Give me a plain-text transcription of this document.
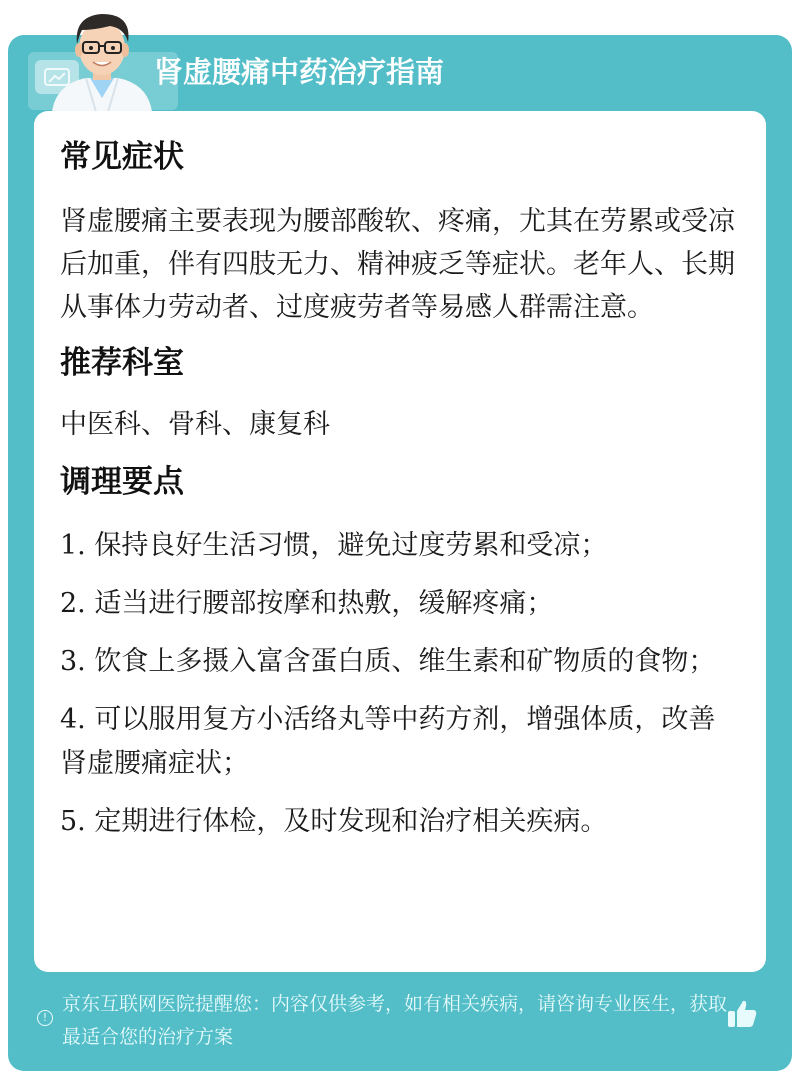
肾虚腰痛中药治疗指南
常见症状
肾虚腰痛主要表现为腰部酸软、疼痛，尤其在劳累或受凉后加重，伴有四肢无力、精神疲乏等症状。老年人、长期从事体力劳动者、过度疲劳者等易感人群需注意。
推荐科室
中医科、骨科、康复科
调理要点
1. 保持良好生活习惯，避免过度劳累和受凉；
2. 适当进行腰部按摩和热敷，缓解疼痛；
3. 饮食上多摄入富含蛋白质、维生素和矿物质的食物；
4. 可以服用复方小活络丸等中药方剂，增强体质，改善肾虚腰痛症状；
5. 定期进行体检，及时发现和治疗相关疾病。
!
京东互联网医院提醒您：内容仅供参考，如有相关疾病，请咨询专业医生，获取最适合您的治疗方案
